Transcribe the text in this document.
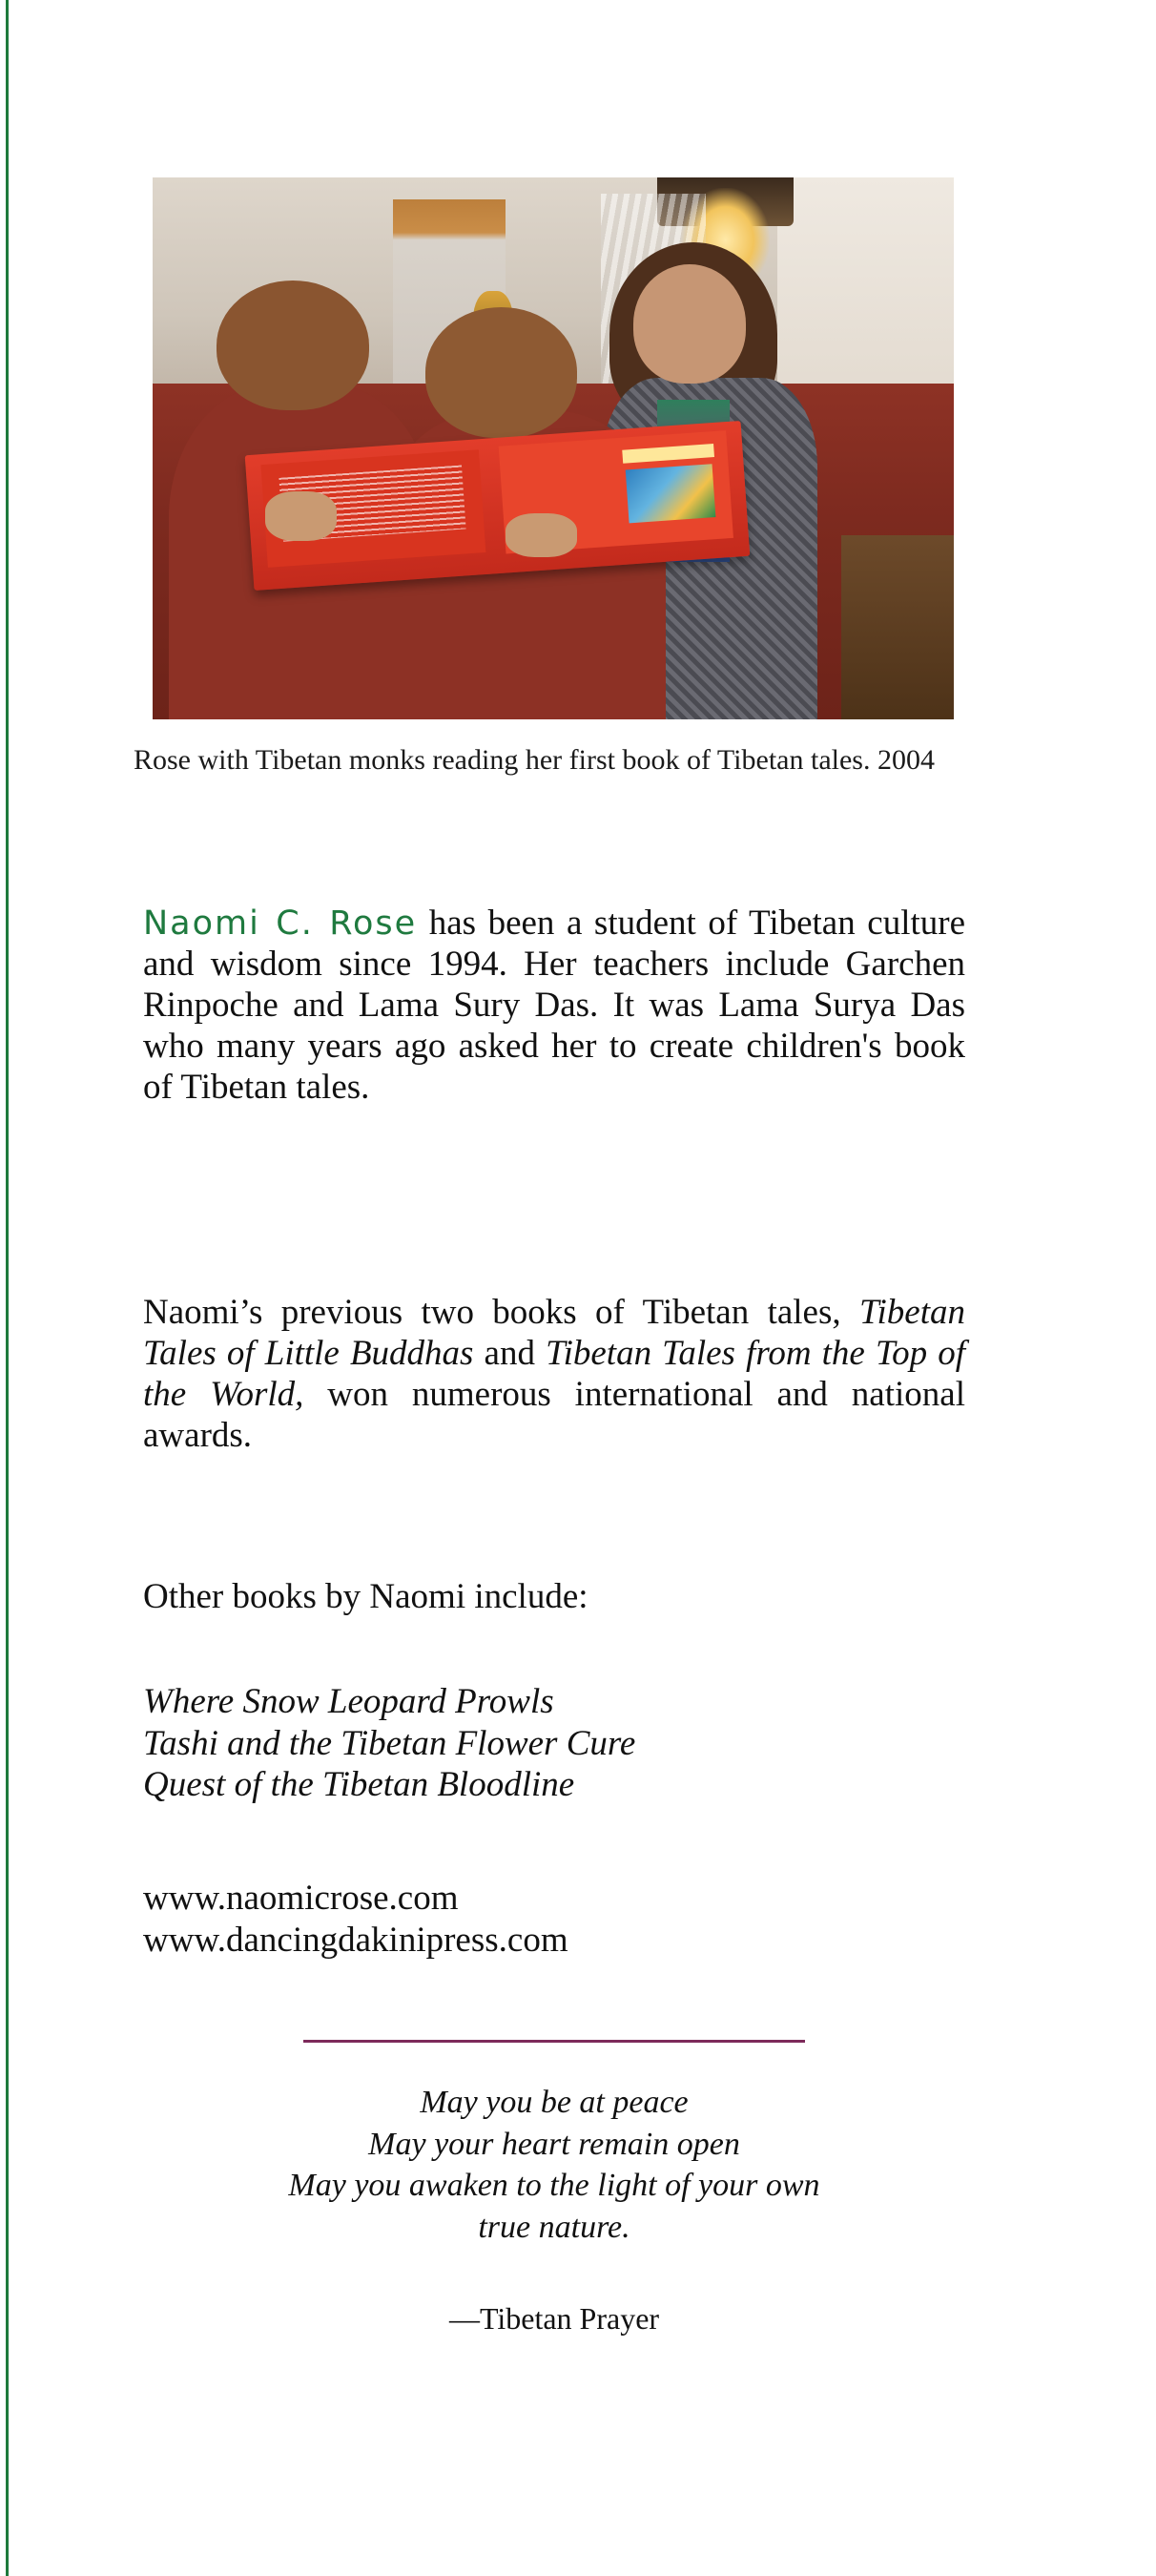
Rose with Tibetan monks reading her first book of Tibetan tales. 2004

Naomi C. Rose has been a student of Tibetan culture and wisdom since 1994. Her teachers include Garchen Rinpoche and Lama Sury Das. It was Lama Surya Das who many years ago asked her to create children's book of Tibetan tales.

Naomi’s previous two books of Tibetan tales, Tibetan Tales of Little Buddhas and Tibetan Tales from the Top of the World, won numerous international and national awards.

Other books by Naomi include:
Where Snow Leopard Prowls
Tashi and the Tibetan Flower Cure
Quest of the Tibetan Bloodline
www.naomicrose.com
www.dancingdakinipress.com
May you be at peace
May your heart remain open
May you awaken to the light of your own
true nature.
—Tibetan Prayer
